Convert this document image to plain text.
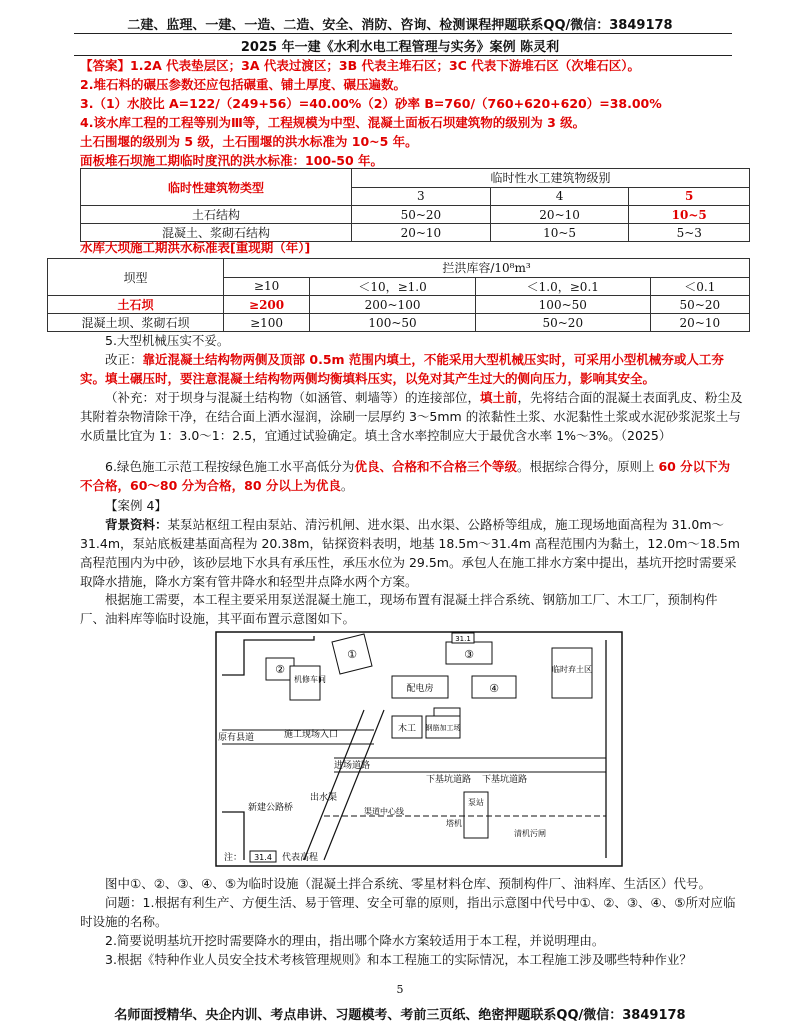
二建、监理、一建、一造、二造、安全、消防、咨询、检测课程押题联系QQ/微信：3849178
2025 年一建《水利水电工程管理与实务》案例 陈灵利
【答案】1.2A 代表垫层区；3A 代表过渡区；3B 代表主堆石区；3C 代表下游堆石区（次堆石区）。
2.堆石料的碾压参数还应包括碾重、铺土厚度、碾压遍数。
3.（1）水胶比 A=122/（249+56）=40.00%（2）砂率 B=760/（760+620+620）=38.00%
4.该水库工程的工程等别为Ⅲ等，工程规模为中型、混凝土面板石坝建筑物的级别为 3 级。
土石围堰的级别为 5 级，土石围堰的洪水标准为 10~5 年。
面板堆石坝施工期临时度汛的洪水标准：100-50 年。
临时性建筑物类型	临时性水工建筑物级别		
	3	4	5
土石结构	50~20	20~10	10~5
混凝土、浆砌石结构	20~10	10~5	5~3
水库大坝施工期洪水标准表[重现期（年）]
坝型	拦洪库容/10⁸m³			
	≥10	＜10，≥1.0	＜1.0，≥0.1	＜0.1
土石坝	≥200	200~100	100~50	50~20
混凝土坝、浆砌石坝	≥100	100~50	50~20	20~10
5.大型机械压实不妥。
改正：靠近混凝土结构物两侧及顶部 0.5m 范围内填土，不能采用大型机械压实时，可采用小型机械夯或人工夯实。填土碾压时，要注意混凝土结构物两侧均衡填料压实，以免对其产生过大的侧向压力，影响其安全。
（补充：对于坝身与混凝土结构物（如涵管、刺墙等）的连接部位，填土前，先将结合面的混凝土表面乳皮、粉尘及其附着杂物清除干净，在结合面上洒水湿润，涂刷一层厚约 3～5mm 的浓黏性土浆、水泥黏性土浆或水泥砂浆泥浆土与水质量比宜为 1：3.0～1：2.5，宜通过试验确定。填土含水率控制应大于最优含水率 1%～3%。（2025）
6.绿色施工示范工程按绿色施工水平高低分为优良、合格和不合格三个等级。根据综合得分，原则上 60 分以下为不合格，60～80 分为合格，80 分以上为优良。
【案例 4】
背景资料：某泵站枢纽工程由泵站、清污机闸、进水渠、出水渠、公路桥等组成，施工现场地面高程为 31.0m～31.4m，泵站底板建基面高程为 20.38m，钻探资料表明，地基 18.5m～31.4m 高程范围内为黏土，12.0m～18.5m 高程范围内为中砂，该砂层地下水具有承压性，承压水位为 29.5m。承包人在施工排水方案中提出，基坑开挖时需要采取降水措施，降水方案有管井降水和轻型井点降水两个方案。
根据施工需要，本工程主要采用泵送混凝土施工，现场布置有混凝土拌合系统、钢筋加工厂、木工厂，预制构件厂、油料库等临时设施，其平面布置示意图如下。
①
②
③
④
31.1
机修车间
配电房
临时弃土区
木工 钢筋加工场
原有县道	施工现场入口
进场道路
下基坑道路 下基坑道路
出水渠
渠道中心线
新建公路桥
泵站
塔机
清机污闸
注： 31.4 代表高程
图中①、②、③、④、⑤为临时设施（混凝土拌合系统、零星材料仓库、预制构件厂、油料库、生活区）代号。
问题：1.根据有利生产、方便生活、易于管理、安全可靠的原则，指出示意图中代号中①、②、③、④、⑤所对应临时设施的名称。
2.简要说明基坑开挖时需要降水的理由，指出哪个降水方案较适用于本工程，并说明理由。
3.根据《特种作业人员安全技术考核管理规则》和本工程施工的实际情况，本工程施工涉及哪些特种作业？
5
名师面授精华、央企内训、考点串讲、习题模考、考前三页纸、绝密押题联系QQ/微信：3849178
